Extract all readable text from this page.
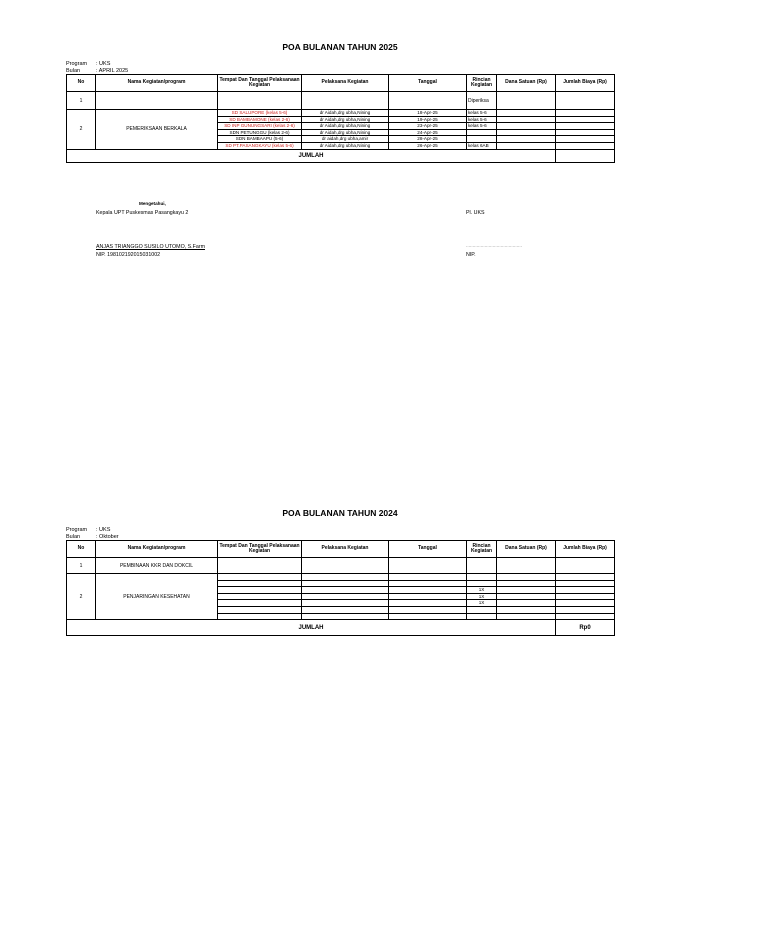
POA BULANAN TAHUN 2025
Program : UKS
Bulan	: APRIL 2025
No	Nama Kegiatan/program	Tempat Dan Tanggal Pelaksanaan Kegiatan	Pelaksana Kegiatan	Tanggal	Rincian Kegiatan	Dana Satuan (Rp)	Jumlah Biaya (Rp)
1					Diperiksa		
2	PEMERIKSAAN BERKALA	SD SALUPORE (kelas 5-6)	dr Aidah,drg ubha,Nining	18-Apr-25	kelas 5-6		
		SD BAMBAMONE (kelas 2-6)	dr Aidah,drg ubha,Nining	19-Apr-25	kelas 5-6		
		SD INP GUNUNGSARI (kelas 2-6)	dr Aidah,drg ubha,Nining	23-Apr-25	kelas 5-6		
		SDN PETUNGGU (kelas 2-6)	dr Aidah,drg ubha,Nining	24-Apr-25			
		SDN BAMBAAPU (5-6)	dr aidah,drg ubha,amir	28-Apr-25			
		SD PT.PASANGKAYU (kelas 5-6)	dr Aidah,drg ubha,Nining	26-Apr-25	kelas 6AB		
JUMLAH							
Mengetahui,
Kepala UPT Puskesmas Pasangkayu 2	Pl. UKS
ANJAS TRIANGGO SUSILO UTOMO, S.Farm
NIP. 198102192015031002
……………………………………
NIP.
POA BULANAN TAHUN 2024
Program : UKS
Bulan	: Oktober
No	Nama Kegiatan/program	Tempat Dan Tanggal Pelaksanaan Kegiatan	Pelaksana Kegiatan	Tanggal	Rincian Kegiatan	Dana Satuan (Rp)	Jumlah Biaya (Rp)
1	PEMBINAAN KKR DAN DOKCIL						
2	PENJARINGAN KESEHATAN						

					1X		
					1X		
					1X		

JUMLAH							Rp0
